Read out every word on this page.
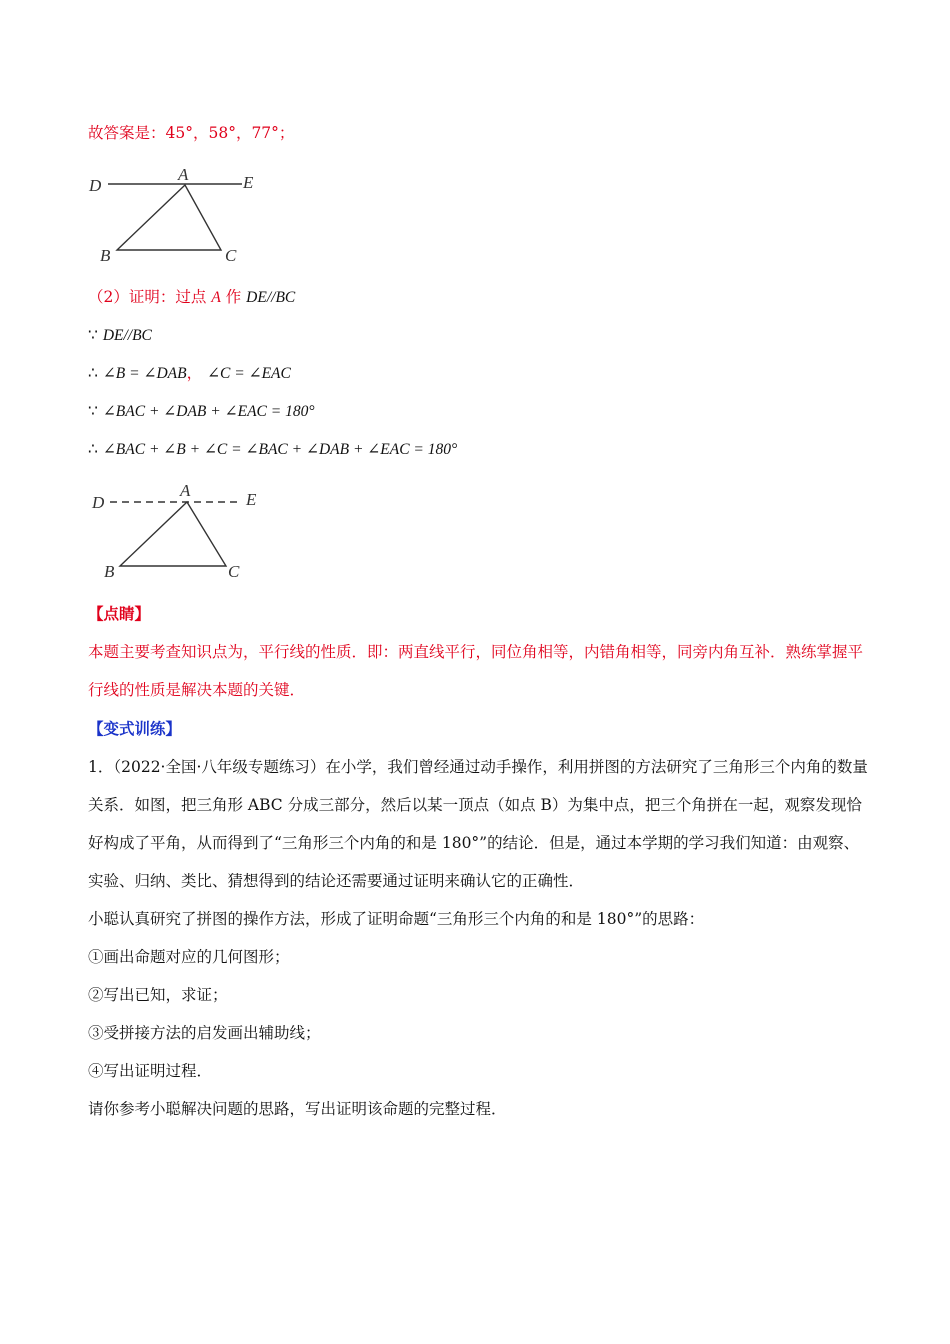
故答案是：45°，58°，77°；
D
A	E
B	C
（2）证明：过点 A 作 DE//BC
∵ DE//BC
∴ ∠B = ∠DAB， ∠C = ∠EAC
∵ ∠BAC + ∠DAB + ∠EAC = 180°
∴ ∠BAC + ∠B + ∠C = ∠BAC + ∠DAB + ∠EAC = 180°
D
A	E
B	C
【点睛】
本题主要考查知识点为，平行线的性质．即：两直线平行，同位角相等，内错角相等，同旁内角互补．熟练掌握平行线的性质是解决本题的关键．
【变式训练】
1．（2022·全国·八年级专题练习）在小学，我们曾经通过动手操作，利用拼图的方法研究了三角形三个内角的数量关系．如图，把三角形 ABC 分成三部分，然后以某一顶点（如点 B）为集中点，把三个角拼在一起，观察发现恰好构成了平角，从而得到了“三角形三个内角的和是 180°”的结论．但是，通过本学期的学习我们知道：由观察、实验、归纳、类比、猜想得到的结论还需要通过证明来确认它的正确性．
小聪认真研究了拼图的操作方法，形成了证明命题“三角形三个内角的和是 180°”的思路：
①画出命题对应的几何图形；
②写出已知，求证；
③受拼接方法的启发画出辅助线；
④写出证明过程．
请你参考小聪解决问题的思路，写出证明该命题的完整过程．
